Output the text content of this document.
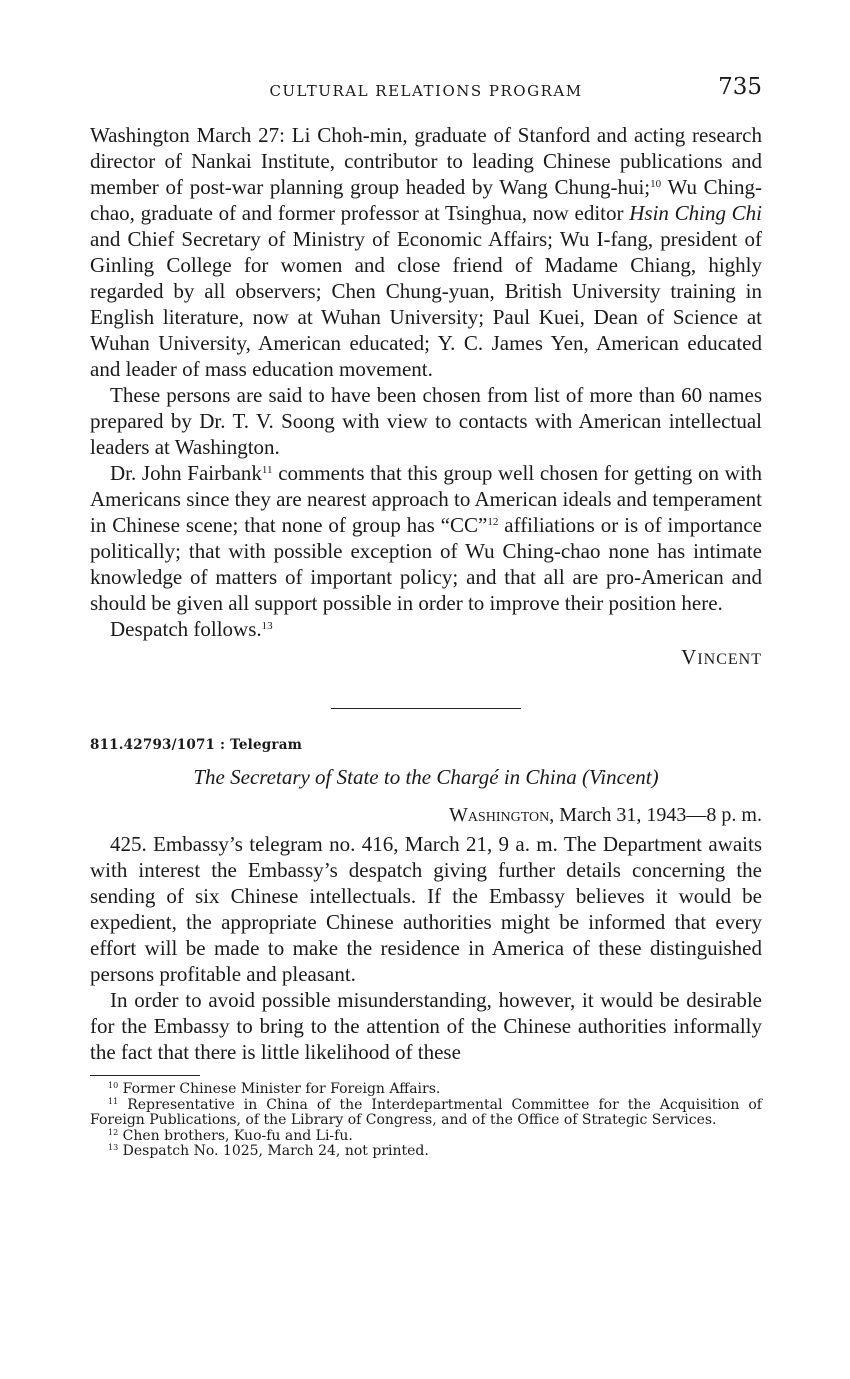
CULTURAL RELATIONS PROGRAM	735

Washington March 27: Li Choh-min, graduate of Stanford and acting research director of Nankai Institute, contributor to leading Chinese publications and member of post-war planning group headed by Wang Chung-hui;$^{10}$ Wu Ching-chao, graduate of and former professor at Tsinghua, now editor Hsin Ching Chi and Chief Secretary of Ministry of Economic Affairs; Wu I-fang, president of Ginling College for women and close friend of Madame Chiang, highly regarded by all observers; Chen Chung-yuan, British University training in English literature, now at Wuhan University; Paul Kuei, Dean of Science at Wuhan University, American educated; Y. C. James Yen, American educated and leader of mass education movement.

These persons are said to have been chosen from list of more than 60 names prepared by Dr. T. V. Soong with view to contacts with American intellectual leaders at Washington.

Dr. John Fairbank$^{11}$ comments that this group well chosen for getting on with Americans since they are nearest approach to American ideals and temperament in Chinese scene; that none of group has “CC”$^{12}$ affiliations or is of importance politically; that with possible exception of Wu Ching-chao none has intimate knowledge of matters of important policy; and that all are pro-American and should be given all support possible in order to improve their position here.

Despatch follows.$^{13}$

VINCENT
811.42793/1071 : Telegram
The Secretary of State to the Chargé in China (Vincent)
Washington, March 31, 1943—8 p. m.

425. Embassy’s telegram no. 416, March 21, 9 a. m. The Department awaits with interest the Embassy’s despatch giving further details concerning the sending of six Chinese intellectuals. If the Embassy believes it would be expedient, the appropriate Chinese authorities might be informed that every effort will be made to make the residence in America of these distinguished persons profitable and pleasant.

In order to avoid possible misunderstanding, however, it would be desirable for the Embassy to bring to the attention of the Chinese authorities informally the fact that there is little likelihood of these

$^{10}$ Former Chinese Minister for Foreign Affairs.

$^{11}$ Representative in China of the Interdepartmental Committee for the Acquisition of Foreign Publications, of the Library of Congress, and of the Office of Strategic Services.

$^{12}$ Chen brothers, Kuo-fu and Li-fu.

$^{13}$ Despatch No. 1025, March 24, not printed.
